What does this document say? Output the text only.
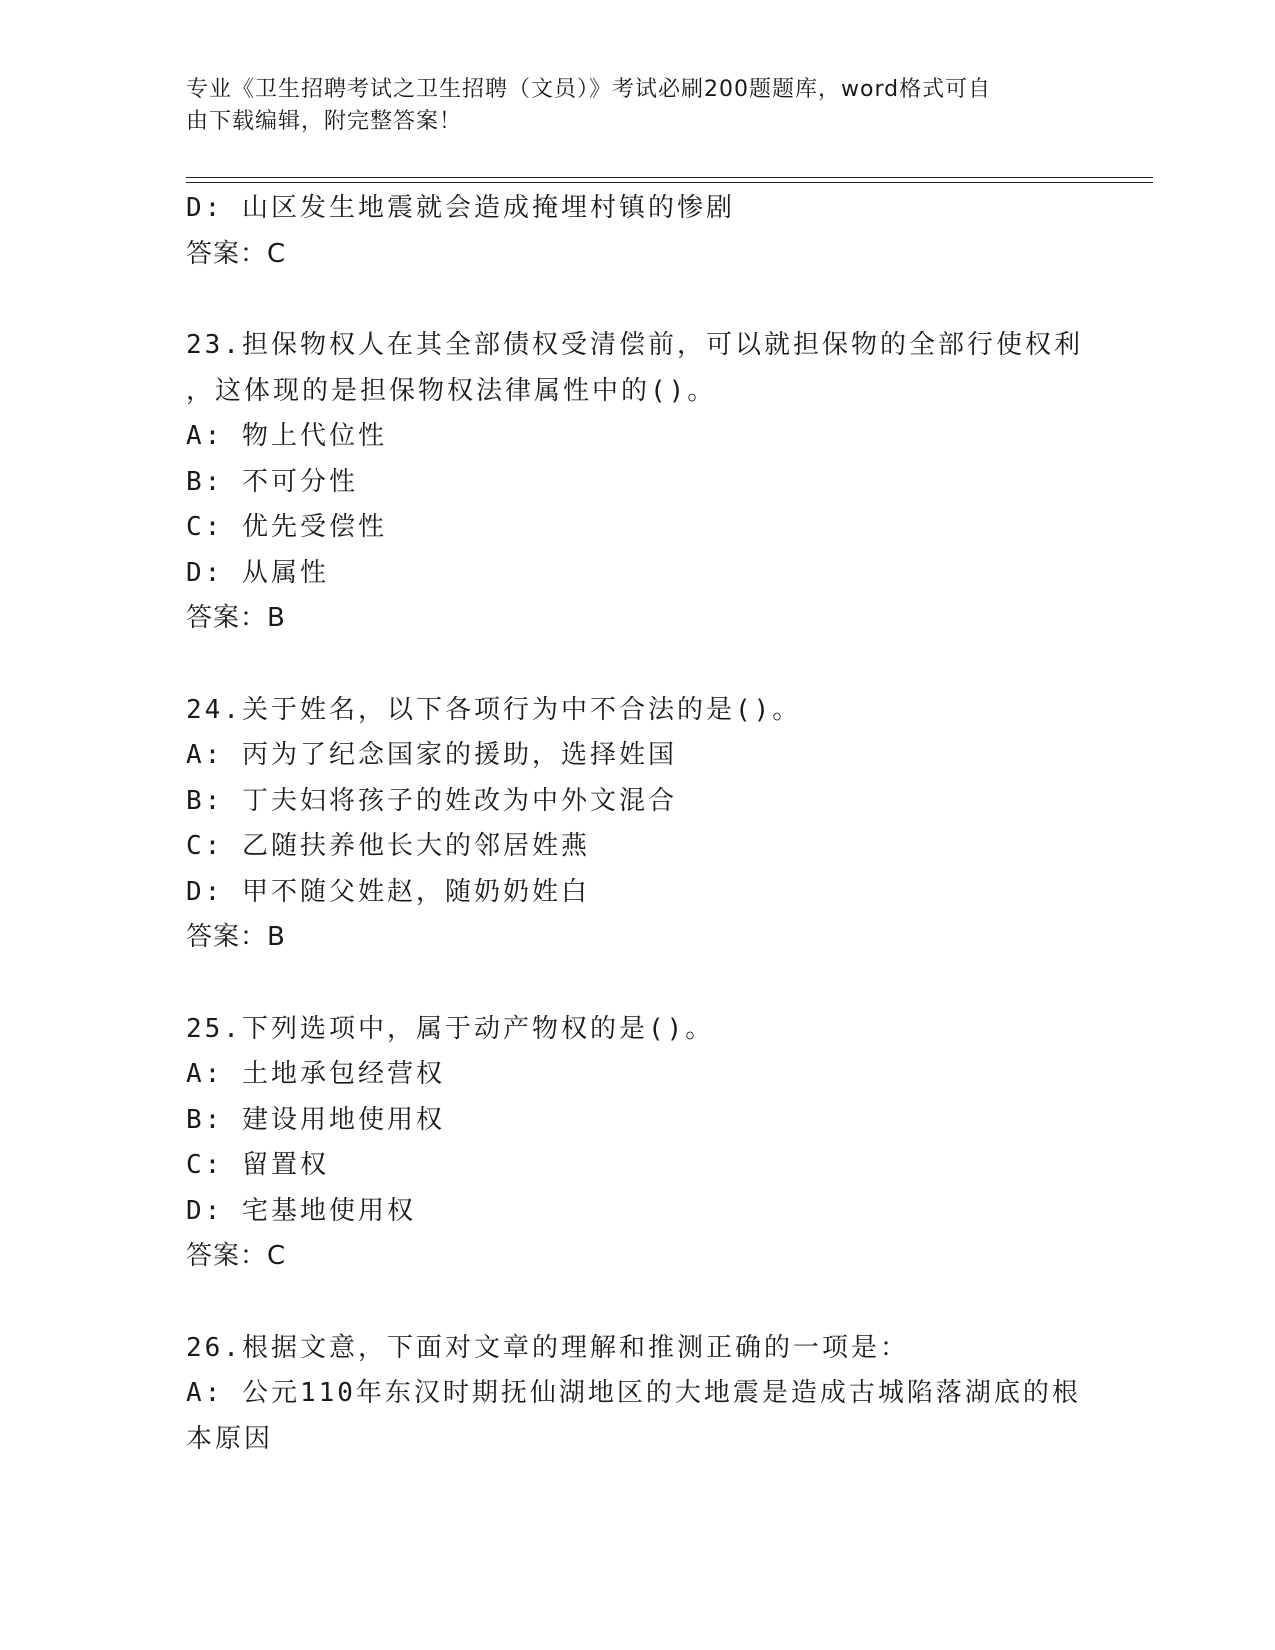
专业《卫生招聘考试之卫生招聘（文员）》考试必刷200题题库，word格式可自
由下载编辑，附完整答案！
D: 山区发生地震就会造成掩埋村镇的惨剧
答案：C
23.担保物权人在其全部债权受清偿前，可以就担保物的全部行使权利
，这体现的是担保物权法律属性中的()。
A: 物上代位性
B: 不可分性
C: 优先受偿性
D: 从属性
答案：B
24.关于姓名，以下各项行为中不合法的是()。
A: 丙为了纪念国家的援助，选择姓国
B: 丁夫妇将孩子的姓改为中外文混合
C: 乙随扶养他长大的邻居姓燕
D: 甲不随父姓赵，随奶奶姓白
答案：B
25.下列选项中，属于动产物权的是()。
A: 土地承包经营权
B: 建设用地使用权
C: 留置权
D: 宅基地使用权
答案：C
26.根据文意，下面对文章的理解和推测正确的一项是：
A: 公元110年东汉时期抚仙湖地区的大地震是造成古城陷落湖底的根
本原因
